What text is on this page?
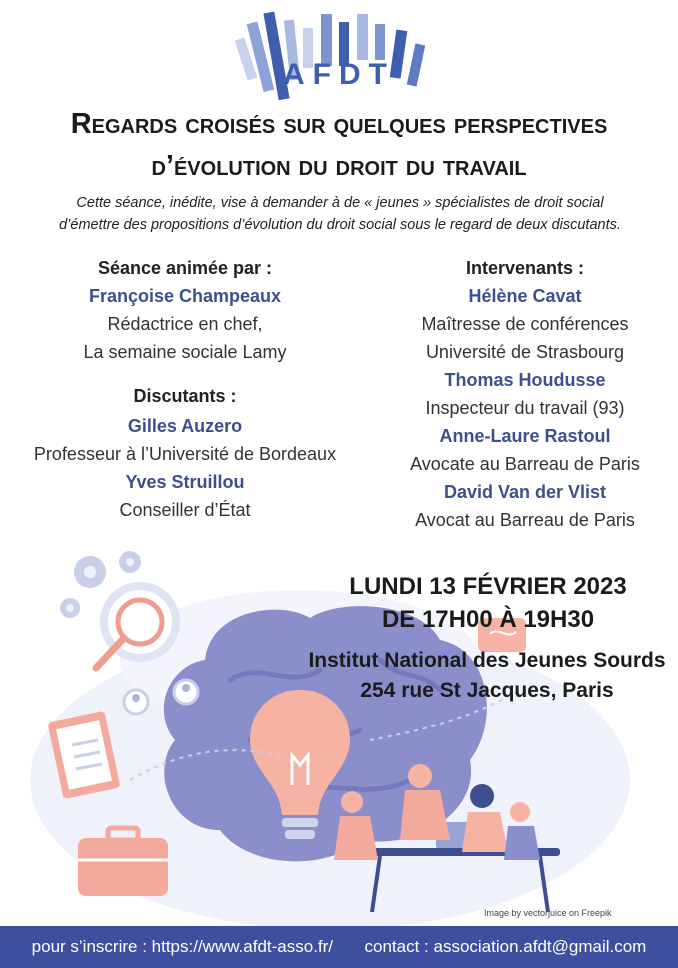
AFDT
Regards croisés sur quelques perspectives
d’évolution du droit du travail
Cette séance, inédite, vise à demander à de « jeunes » spécialistes de droit social
d’émettre des propositions d’évolution du droit social sous le regard de deux discutants.
Séance animée par :
Françoise Champeaux
Rédactrice en chef,
La semaine sociale Lamy
Discutants :
Gilles Auzero
Professeur à l’Université de Bordeaux
Yves Struillou
Conseiller d’État
Intervenants :
Hélène Cavat
Maîtresse de conférences
Université de Strasbourg
Thomas Houdusse
Inspecteur du travail (93)
Anne-Laure Rastoul
Avocate au Barreau de Paris
David Van der Vlist
Avocat au Barreau de Paris
LUNDI 13 FÉVRIER 2023
DE 17H00 À 19H30
Institut National des Jeunes Sourds
254 rue St Jacques, Paris
Image by vectorjuice on Freepik
pour s’inscrire : https://www.afdt-asso.fr/ contact : association.afdt@gmail.com
